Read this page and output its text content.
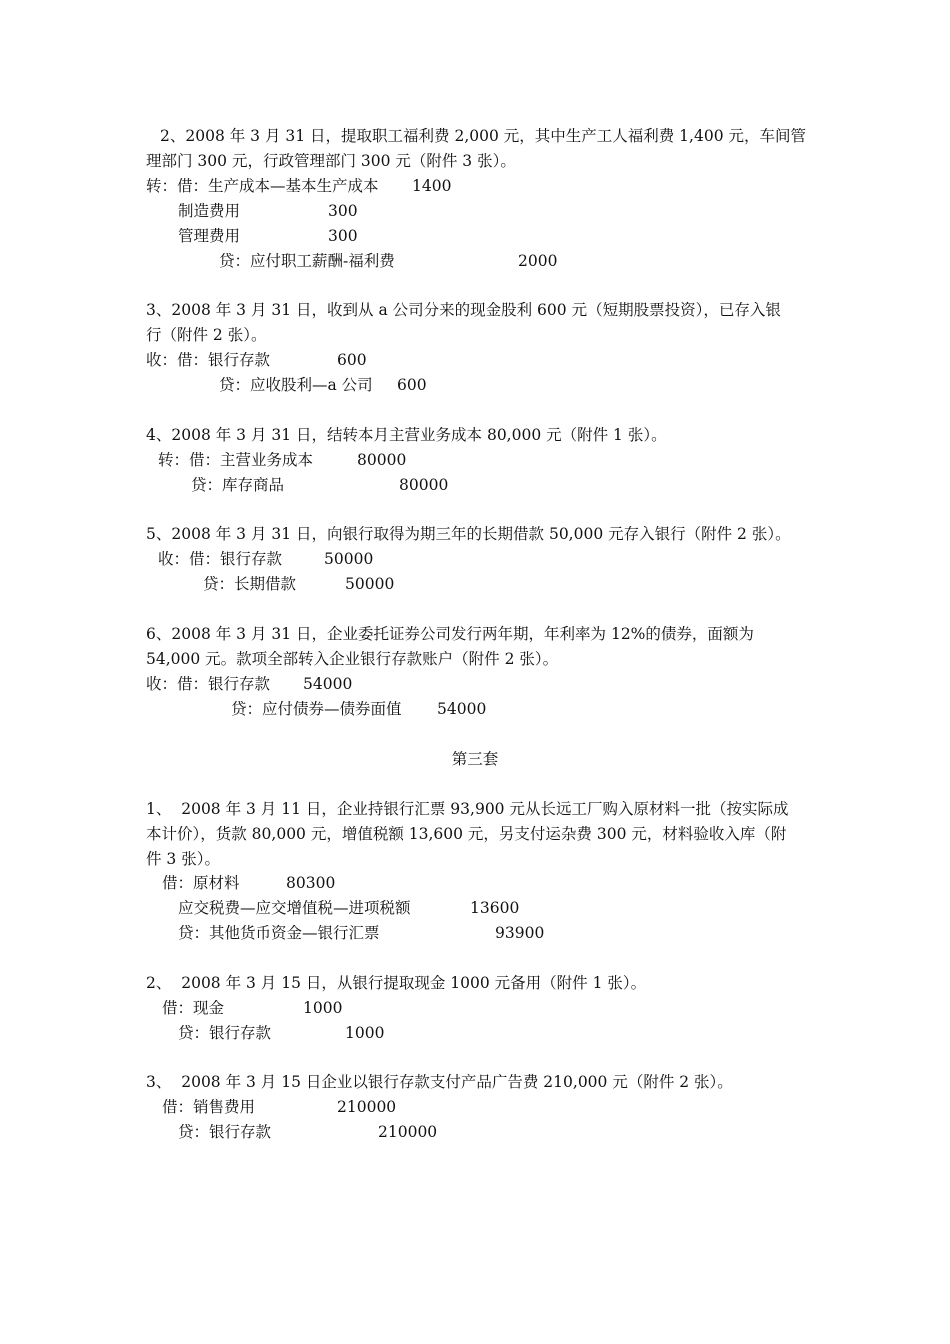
2、2008 年 3 月 31 日，提取职工福利费 2,000 元，其中生产工人福利费 1,400 元，车间管
理部门 300 元，行政管理部门 300 元（附件 3 张）。
转：借：生产成本—基本生产成本 1400
制造费用	300
管理费用	300
贷：应付职工薪酬-福利费	2000
3、2008 年 3 月 31 日，收到从 a 公司分来的现金股利 600 元（短期股票投资），已存入银
行（附件 2 张）。
收：借：银行存款	600
贷：应收股利—a 公司 600
4、2008 年 3 月 31 日，结转本月主营业务成本 80,000 元（附件 1 张）。
转：借：主营业务成本	80000
贷：库存商品	80000
5、2008 年 3 月 31 日，向银行取得为期三年的长期借款 50,000 元存入银行（附件 2 张）。
收：借：银行存款	50000
贷：长期借款	50000
6、2008 年 3 月 31 日，企业委托证券公司发行两年期，年利率为 12%的债券，面额为
54,000 元。款项全部转入企业银行存款账户（附件 2 张）。
收：借：银行存款 54000
贷：应付债券—债券面值 54000
第三套
1、  2008 年 3 月 11 日，企业持银行汇票 93,900 元从长远工厂购入原材料一批（按实际成
本计价），货款 80,000 元，增值税额 13,600 元，另支付运杂费 300 元，材料验收入库（附
件 3 张）。
借：原材料	80300
应交税费—应交增值税—进项税额	13600
贷：其他货币资金—银行汇票	93900
2、  2008 年 3 月 15 日，从银行提取现金 1000 元备用（附件 1 张）。
借：现金	1000
贷：银行存款	1000
3、  2008 年 3 月 15 日企业以银行存款支付产品广告费 210,000 元（附件 2 张）。
借：销售费用	210000
贷：银行存款	210000
